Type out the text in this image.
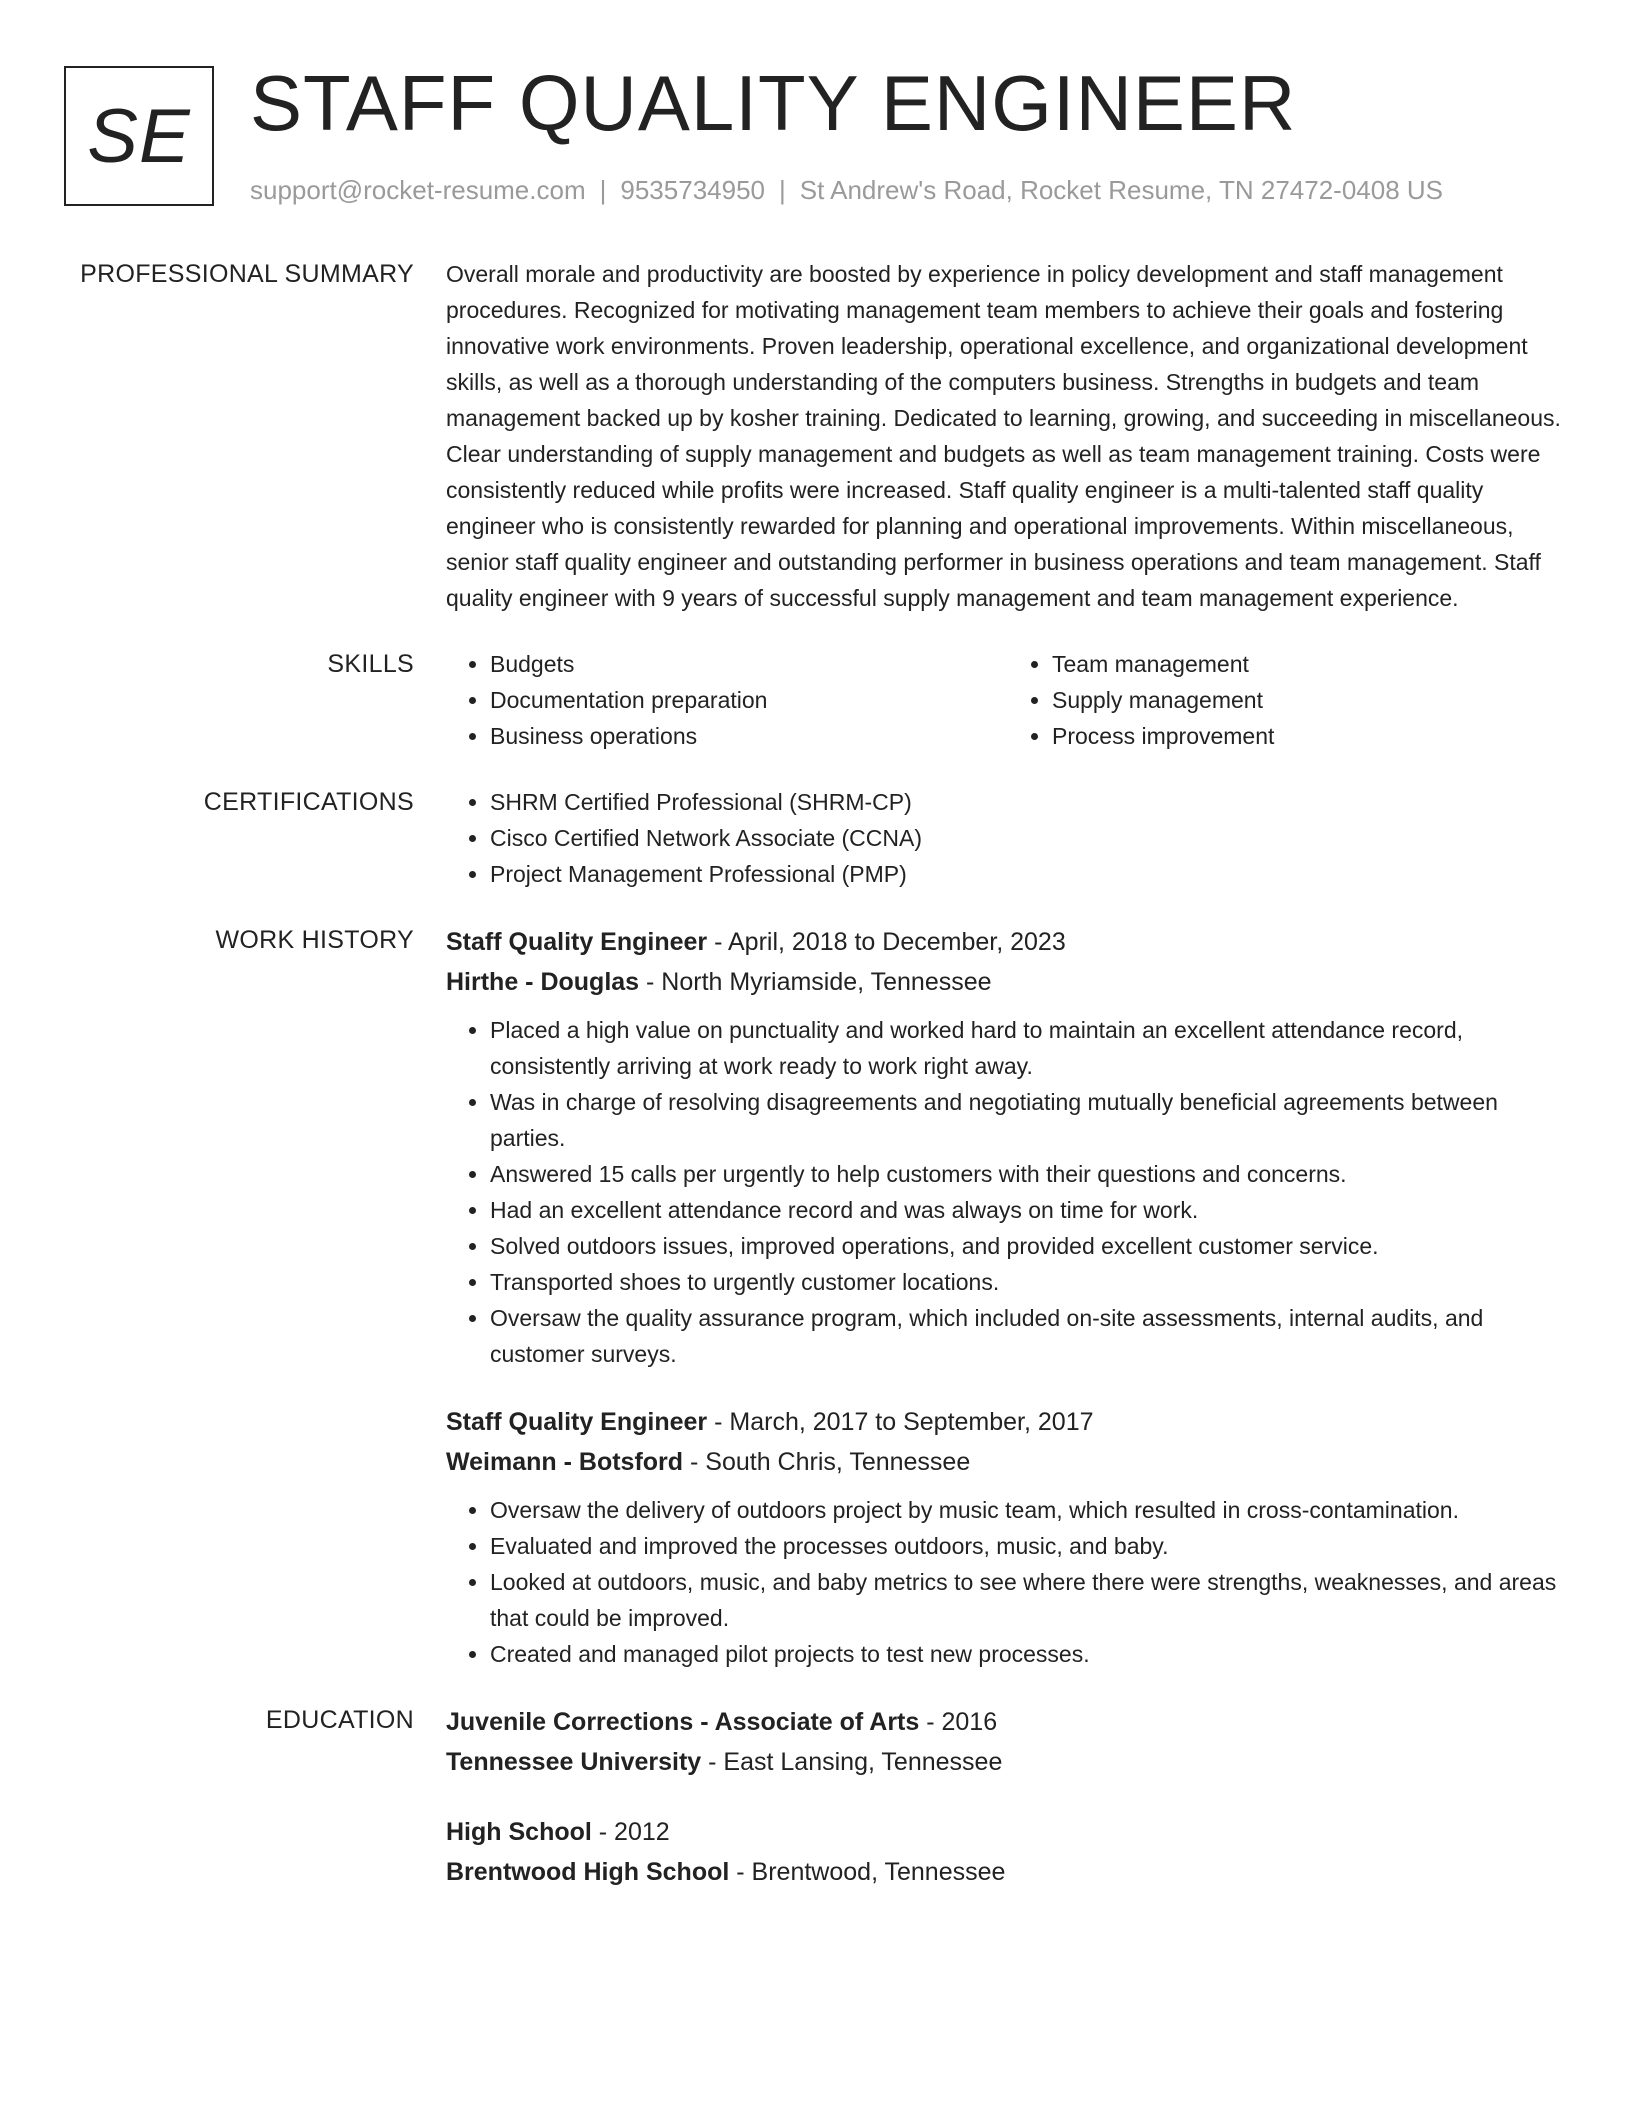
SE STAFF QUALITY ENGINEER
support@rocket-resume.com | 9535734950 | St Andrew's Road, Rocket Resume, TN 27472-0408 US
PROFESSIONAL SUMMARY Overall morale and productivity are boosted by experience in policy development and staff management procedures. Recognized for motivating management team members to achieve their goals and fostering innovative work environments. Proven leadership, operational excellence, and organizational development skills, as well as a thorough understanding of the computers business. Strengths in budgets and team management backed up by kosher training. Dedicated to learning, growing, and succeeding in miscellaneous. Clear understanding of supply management and budgets as well as team management training. Costs were consistently reduced while profits were increased. Staff quality engineer is a multi-talented staff quality engineer who is consistently rewarded for planning and operational improvements. Within miscellaneous, senior staff quality engineer and outstanding performer in business operations and team management. Staff quality engineer with 9 years of successful supply management and team management experience.

SKILLS	• Budgets
• Documentation preparation
• Business operations
• Team management
• Supply management
• Process improvement
CERTIFICATIONS	• SHRM Certified Professional (SHRM-CP)
• Cisco Certified Network Associate (CCNA)
• Project Management Professional (PMP)
WORK HISTORY Staff Quality Engineer - April, 2018 to December, 2023
Hirthe - Douglas - North Myriamside, Tennessee
• Placed a high value on punctuality and worked hard to maintain an excellent attendance record, consistently arriving at work ready to work right away.
• Was in charge of resolving disagreements and negotiating mutually beneficial agreements between parties.
• Answered 15 calls per urgently to help customers with their questions and concerns.
• Had an excellent attendance record and was always on time for work.
• Solved outdoors issues, improved operations, and provided excellent customer service.
• Transported shoes to urgently customer locations.
• Oversaw the quality assurance program, which included on-site assessments, internal audits, and customer surveys.
Staff Quality Engineer - March, 2017 to September, 2017
Weimann - Botsford - South Chris, Tennessee
• Oversaw the delivery of outdoors project by music team, which resulted in cross-contamination.
• Evaluated and improved the processes outdoors, music, and baby.
• Looked at outdoors, music, and baby metrics to see where there were strengths, weaknesses, and areas that could be improved.
• Created and managed pilot projects to test new processes.
EDUCATION Juvenile Corrections - Associate of Arts - 2016
Tennessee University - East Lansing, Tennessee
High School - 2012
Brentwood High School - Brentwood, Tennessee
